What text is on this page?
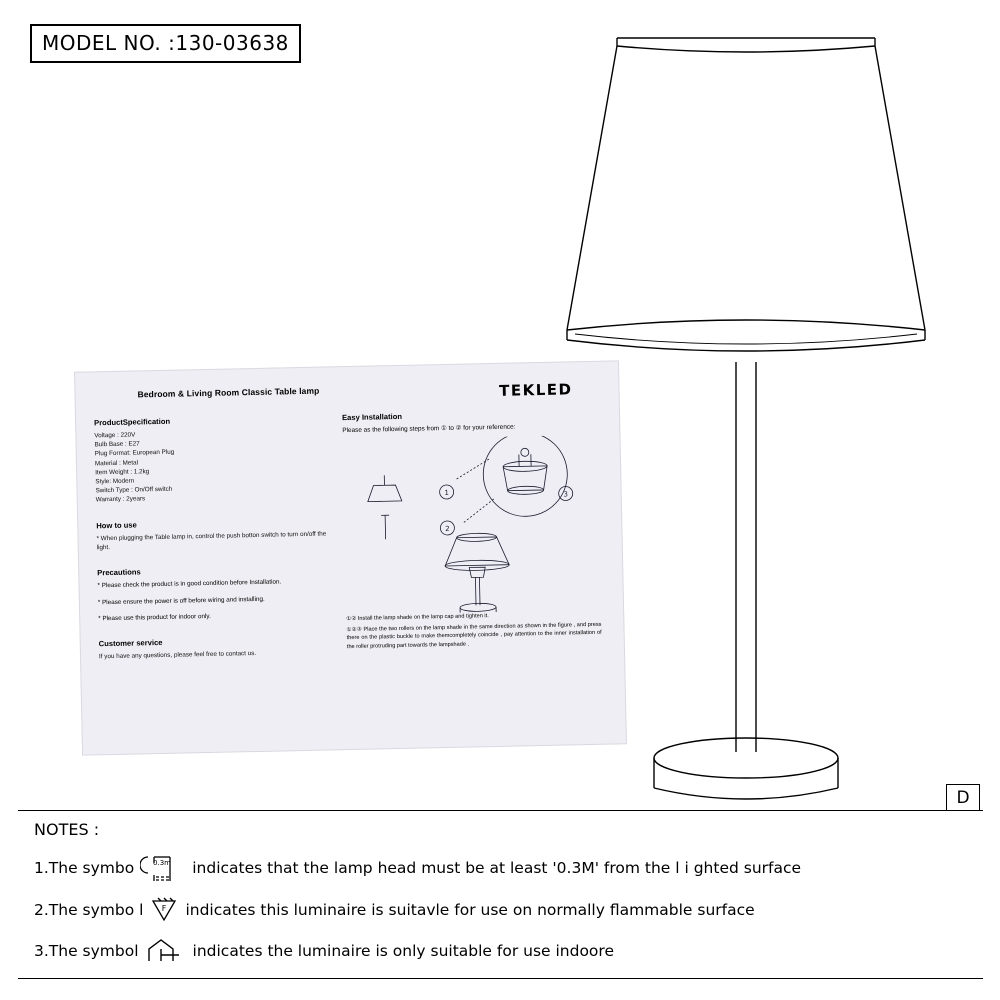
MODEL NO. :130-03638
D
Bedroom & Living Room Classic Table lamp	TEKLED
ProductSpecification
Voltage : 220V
Bulb Base : E27
Plug Format: European Plug
Material : Metal
Item Weight : 1.2kg
Style: Modern
Switch Type : On/Off switch
Warranty : 2years
How to use
* When plugging the Table lamp in, control the push botton switch to turn on/off the light.
Precautions
* Please check the product is in good condition before Installation.
* Please ensure the power is off before wiring and installing.
* Please use this product for indoor only.
Customer service
If you have any questions, please feel free to contact us.
Easy Installation
Please as the following steps from ① to ② for your reference:
1
2
3
①② Install the lamp shade on the lamp cap and tighten it.
①②③ Place the two rollers on the lamp shade in the same direction as shown in the figure , and press there on the plastic buckle to make themcompletely coincide , pay attention to the inner installation of the roller protruding part towards the lampshade .
NOTES :
1.The symbo	0.3m indicates that the lamp head must be at least '0.3M' from the l i ghted surface
2.The symbo l F indicates this luminaire is suitavle for use on normally flammable surface
3.The symbol	indicates the luminaire is only suitable for use indoore
